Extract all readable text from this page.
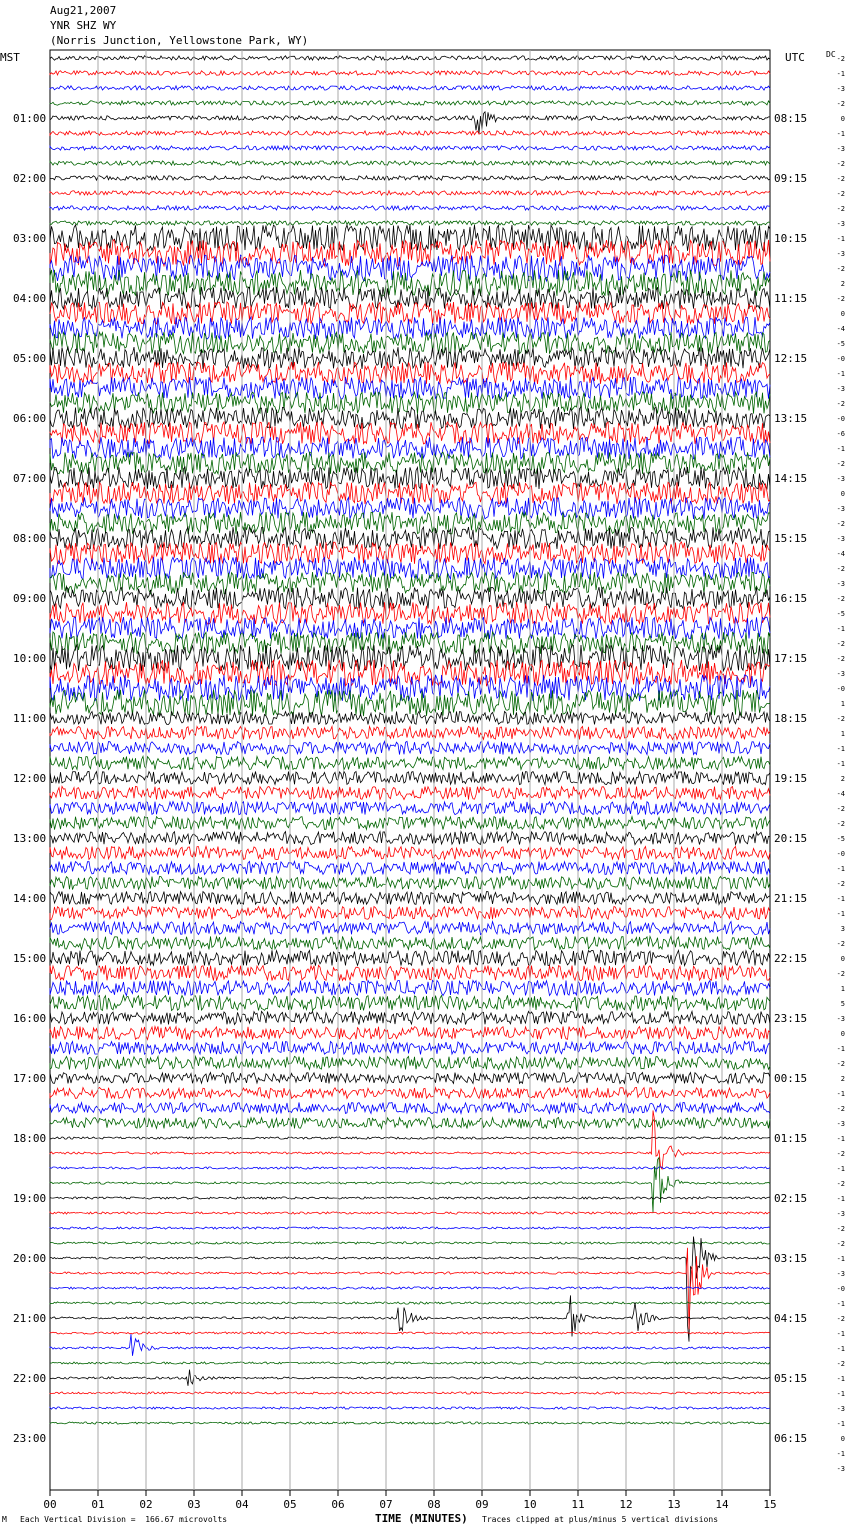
Aug21,2007
YNR SHZ WY
(Norris Junction, Yellowstone Park, WY)
MST	UTC	DC
01:00
02:00
03:00
04:00
05:00
06:00
07:00
08:00
09:00
10:00
11:00
12:00
13:00
14:00
15:00
16:00
17:00
18:00
19:00
20:00
21:00
22:00
23:00
08:15
09:15
10:15
11:15
12:15
13:15
14:15
15:15
16:15
17:15
18:15
19:15
20:15
21:15
22:15
23:15
00:15
01:15
02:15
03:15
04:15
05:15
06:15
-2
-1
-3
-2
0
-1
-3
-2
-2
-2
-2
-3
-1
-3
-2
2
-2
0
-4
-5
-0
-1
-3
-2
-0
-6
-1
-2
-3
0
-3
-2
-3
-4
-2
-3
-2
-5
-1
-2
-2
-3
-0
1
-2
1
-1
-1
2
-4
-2
-2
-5
-0
-1
-2
-1
-1
3
-2
0
-2
1
5
-3
0
-1
-2
2
-1
-2
-3
-1
-2
-1
-2
-1
-3
-2
-2
-1
-3
-0
-1
-2
-1
-1
-2
-1
-1
-3
-1
0
-1
-3
00	01	02	03	04	05	06	07	08	09	10	11	12	13	14	15
M Each Vertical Division =  166.67 microvolts	TIME (MINUTES) Traces clipped at plus/minus 5 vertical divisions
